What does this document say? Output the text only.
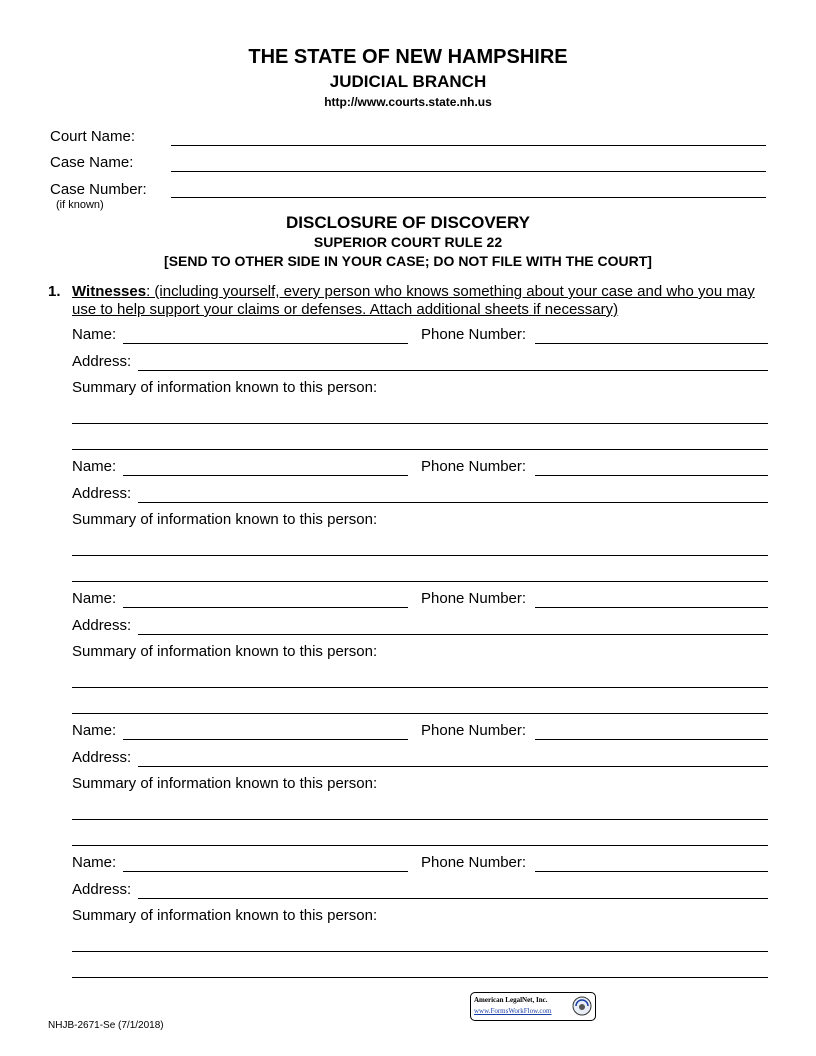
THE STATE OF NEW HAMPSHIRE
JUDICIAL BRANCH
http://www.courts.state.nh.us
Court Name:
Case Name:
Case Number:
(if known)
DISCLOSURE OF DISCOVERY
SUPERIOR COURT RULE 22
[SEND TO OTHER SIDE IN YOUR CASE; DO NOT FILE WITH THE COURT]
1. Witnesses: (including yourself, every person who knows something about your case and who you may use to help support your claims or defenses. Attach additional sheets if necessary)
Name:	Phone Number:
Address:
Summary of information known to this person:
Name:	Phone Number:
Address:
Summary of information known to this person:
Name:	Phone Number:
Address:
Summary of information known to this person:
Name:	Phone Number:
Address:
Summary of information known to this person:
Name:	Phone Number:
Address:
Summary of information known to this person:
American LegalNet, Inc.
www.FormsWorkFlow.com
NHJB-2671-Se (7/1/2018)
